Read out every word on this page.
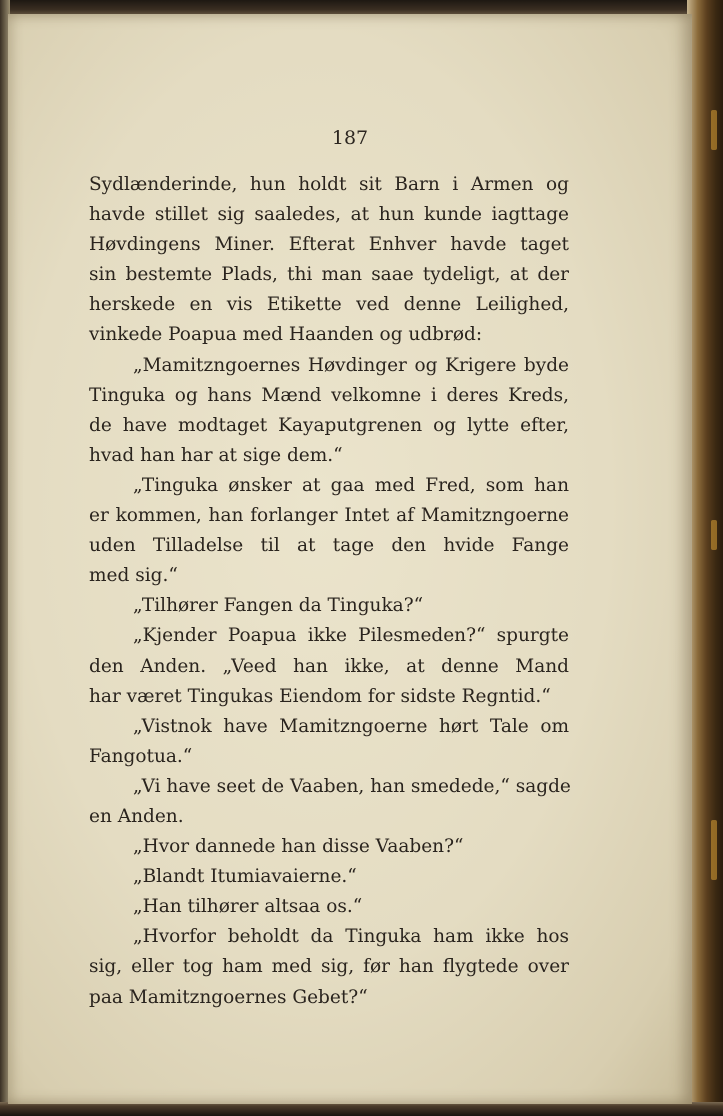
187
Sydlænderinde, hun holdt sit Barn i Armen og
havde stillet sig saaledes, at hun kunde iagttage
Høvdingens Miner. Efterat Enhver havde taget
sin bestemte Plads, thi man saae tydeligt, at der
herskede en vis Etikette ved denne Leilighed,
vinkede Poapua med Haanden og udbrød:
„Mamitzngoernes Høvdinger og Krigere byde
Tinguka og hans Mænd velkomne i deres Kreds,
de have modtaget Kayaputgrenen og lytte efter,
hvad han har at sige dem.“
„Tinguka ønsker at gaa med Fred, som han
er kommen, han forlanger Intet af Mamitzngoerne
uden Tilladelse til at tage den hvide Fange
med sig.“
„Tilhører Fangen da Tinguka?“
„Kjender Poapua ikke Pilesmeden?“ spurgte
den Anden. „Veed han ikke, at denne Mand
har været Tingukas Eiendom for sidste Regntid.“
„Vistnok have Mamitzngoerne hørt Tale om
Fangotua.“
„Vi have seet de Vaaben, han smedede,“ sagde
en Anden.
„Hvor dannede han disse Vaaben?“
„Blandt Itumiavaierne.“
„Han tilhører altsaa os.“
„Hvorfor beholdt da Tinguka ham ikke hos
sig, eller tog ham med sig, før han flygtede over
paa Mamitzngoernes Gebet?“
